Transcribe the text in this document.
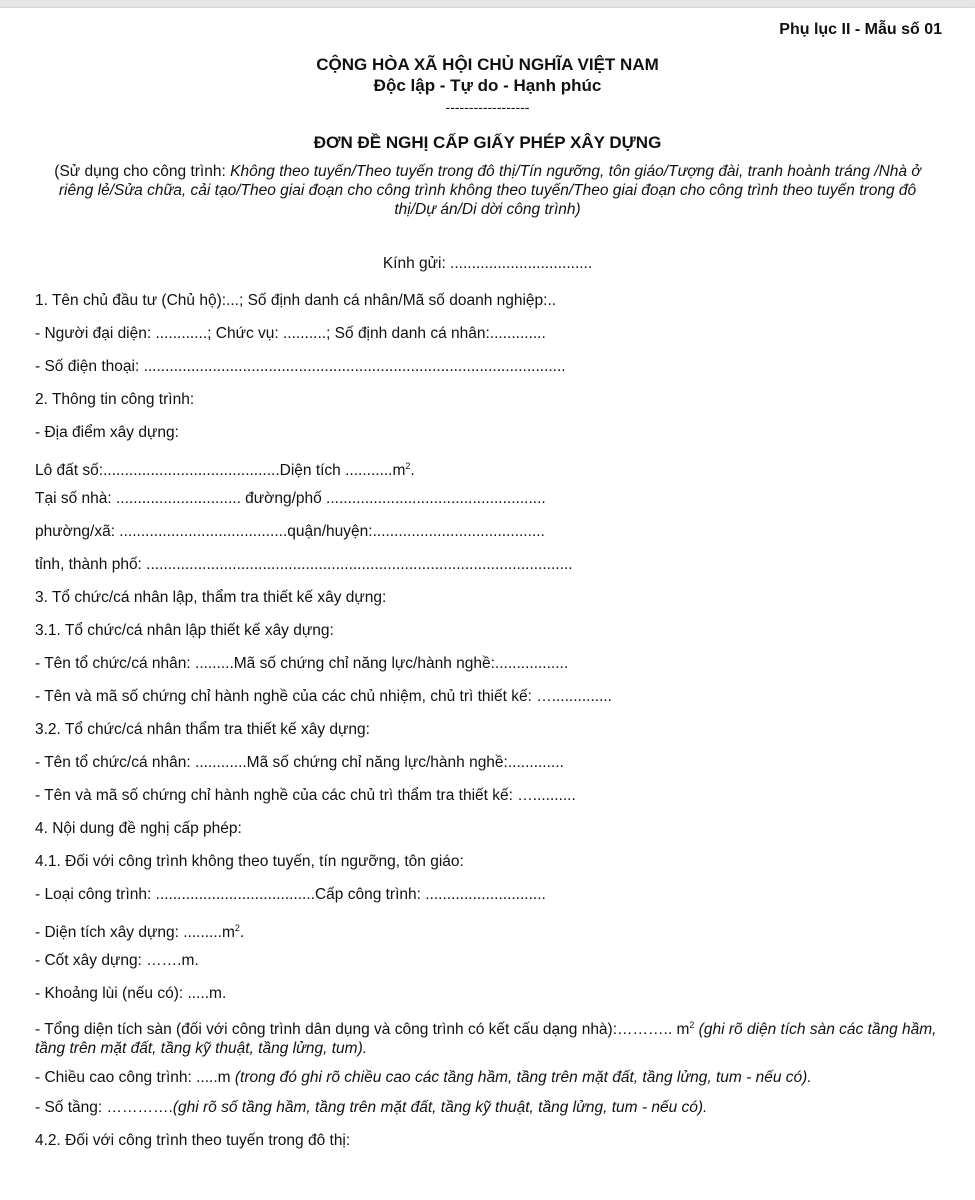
Phụ lục II - Mẫu số 01
CỘNG HÒA XÃ HỘI CHỦ NGHĨA VIỆT NAM
Độc lập - Tự do - Hạnh phúc
------------------
ĐƠN ĐỀ NGHỊ CẤP GIẤY PHÉP XÂY DỰNG
(Sử dụng cho công trình: Không theo tuyến/Theo tuyến trong đô thị/Tín ngưỡng, tôn giáo/Tượng đài, tranh hoành tráng /Nhà ở riêng lẻ/Sửa chữa, cải tạo/Theo giai đoạn cho công trình không theo tuyến/Theo giai đoạn cho công trình theo tuyến trong đô thị/Dự án/Di dời công trình)
Kính gửi: .................................
1. Tên chủ đầu tư (Chủ hộ):...; Số định danh cá nhân/Mã số doanh nghiệp:..
- Người đại diện: ............; Chức vụ: ..........; Số định danh cá nhân:.............
- Số điện thoại: ..................................................................................................
2. Thông tin công trình:
- Địa điểm xây dựng:
Lô đất số:.........................................Diện tích $...........m^2$.
Tại số nhà: ............................. đường/phố ...................................................
phường/xã: .......................................quận/huyện:........................................
tỉnh, thành phố: ...................................................................................................
3. Tổ chức/cá nhân lập, thẩm tra thiết kế xây dựng:
3.1. Tổ chức/cá nhân lập thiết kế xây dựng:
- Tên tổ chức/cá nhân: .........Mã số chứng chỉ năng lực/hành nghề:.................
- Tên và mã số chứng chỉ hành nghề của các chủ nhiệm, chủ trì thiết kế: …..............
3.2. Tổ chức/cá nhân thẩm tra thiết kế xây dựng:
- Tên tổ chức/cá nhân: ............Mã số chứng chỉ năng lực/hành nghề:.............
- Tên và mã số chứng chỉ hành nghề của các chủ trì thẩm tra thiết kế: …..........
4. Nội dung đề nghị cấp phép:
4.1. Đối với công trình không theo tuyến, tín ngưỡng, tôn giáo:
- Loại công trình: .....................................Cấp công trình: ............................
- Diện tích xây dựng: $.........m^2$.
- Cốt xây dựng: …….m.
- Khoảng lùi (nếu có): .....m.
- Tổng diện tích sàn (đối với công trình dân dụng và công trình có kết cấu dạng nhà):……….. $m^2$ (ghi rõ diện tích sàn các tầng hầm, tầng trên mặt đất, tầng kỹ thuật, tầng lửng, tum).
- Chiều cao công trình: .....m (trong đó ghi rõ chiều cao các tầng hầm, tầng trên mặt đất, tầng lửng, tum - nếu có).
- Số tầng: ………….(ghi rõ số tầng hầm, tầng trên mặt đất, tầng kỹ thuật, tầng lửng, tum - nếu có).
4.2. Đối với công trình theo tuyến trong đô thị:
